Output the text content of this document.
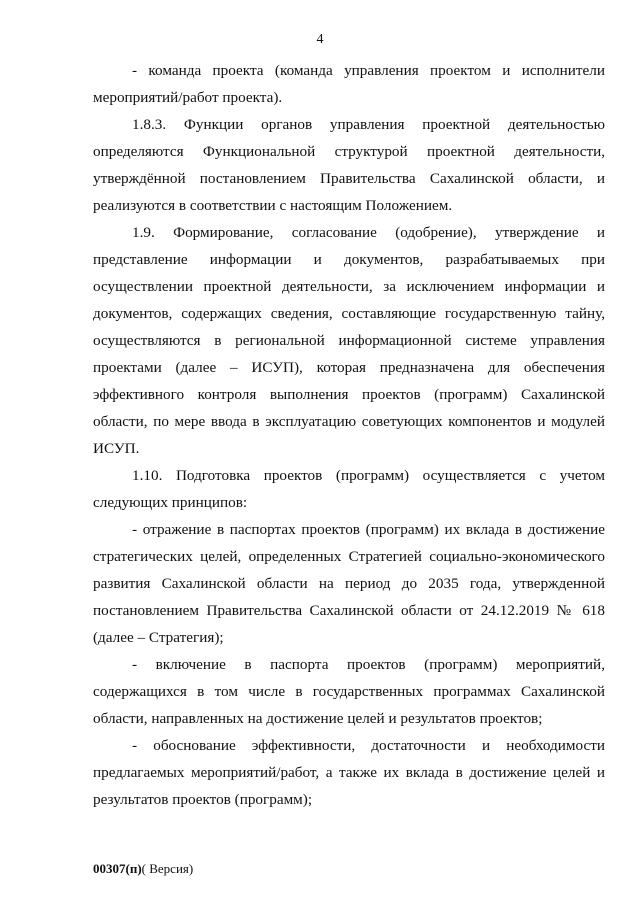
4
- команда проекта (команда управления проектом и исполнители
мероприятий/работ проекта).
1.8.3. Функции органов управления проектной деятельностью
определяются Функциональной структурой проектной деятельности,
утверждённой постановлением Правительства Сахалинской области, и
реализуются в соответствии с настоящим Положением.
1.9. Формирование, согласование (одобрение), утверждение и
представление информации и документов, разрабатываемых при
осуществлении проектной деятельности, за исключением информации и
документов, содержащих сведения, составляющие государственную тайну,
осуществляются в региональной информационной системе управления
проектами (далее – ИСУП), которая предназначена для обеспечения
эффективного контроля выполнения проектов (программ) Сахалинской
области, по мере ввода в эксплуатацию советующих компонентов и модулей
ИСУП.
1.10. Подготовка проектов (программ) осуществляется с учетом
следующих принципов:
- отражение в паспортах проектов (программ) их вклада в достижение
стратегических целей, определенных Стратегией социально-экономического
развития Сахалинской области на период до 2035 года, утвержденной
постановлением Правительства Сахалинской области от 24.12.2019 № 618
(далее – Стратегия);
- включение в паспорта проектов (программ) мероприятий,
содержащихся в том числе в государственных программах Сахалинской
области, направленных на достижение целей и результатов проектов;
- обоснование эффективности, достаточности и необходимости
предлагаемых мероприятий/работ, а также их вклада в достижение целей и
результатов проектов (программ);
00307(п)( Версия)
